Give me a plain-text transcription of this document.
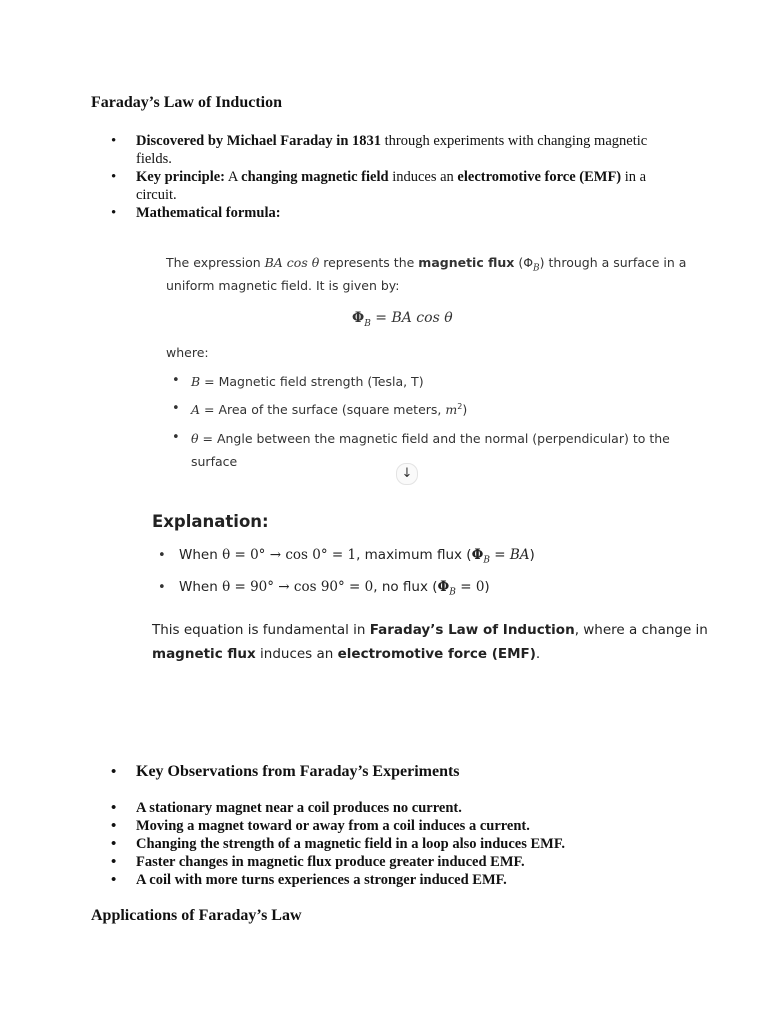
Faraday’s Law of Induction
• Discovered by Michael Faraday in 1831 through experiments with changing magnetic fields.
• Key principle: A changing magnetic field induces an electromotive force (EMF) in a circuit.
• Mathematical formula:
The expression BA cos θ represents the magnetic flux $(\Phi_B)$ through a surface in a
uniform magnetic field. It is given by:
$\Phi_B$ = BA cos θ
where:
• B = Magnetic field strength (Tesla, T)
• A = Area of the surface (square meters, $m^2$)
• θ = Angle between the magnetic field and the normal (perpendicular) to the
surface
↓
Explanation:
• When θ = 0° → cos 0° = 1, maximum flux $(\Phi_B = BA)$
• When θ = 90° → cos 90° = 0, no flux $(\Phi_B = 0)$
This equation is fundamental in Faraday’s Law of Induction, where a change in
magnetic flux induces an electromotive force (EMF).
• Key Observations from Faraday’s Experiments
• A stationary magnet near a coil produces no current.
• Moving a magnet toward or away from a coil induces a current.
• Changing the strength of a magnetic field in a loop also induces EMF.
• Faster changes in magnetic flux produce greater induced EMF.
• A coil with more turns experiences a stronger induced EMF.
Applications of Faraday’s Law
